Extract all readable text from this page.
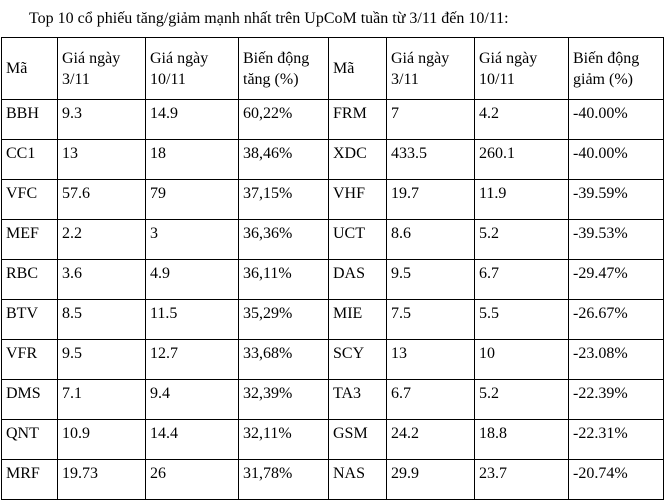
Top 10 cổ phiếu tăng/giảm mạnh nhất trên UpCoM tuần từ 3/11 đến 10/11:
Mã	Giá ngày 3/11	Giá ngày 10/11	Biến động tăng (%)	Mã	Giá ngày 3/11	Giá ngày 10/11	Biến động giảm (%)

BBH	9.3	14.9	60,22%	FRM	7	4.2	-40.00%
CC1	13	18	38,46%	XDC	433.5	260.1	-40.00%
VFC	57.6	79	37,15%	VHF	19.7	11.9	-39.59%
MEF	2.2	3	36,36%	UCT	8.6	5.2	-39.53%
RBC	3.6	4.9	36,11%	DAS	9.5	6.7	-29.47%
BTV	8.5	11.5	35,29%	MIE	7.5	5.5	-26.67%
VFR	9.5	12.7	33,68%	SCY	13	10	-23.08%
DMS	7.1	9.4	32,39%	TA3	6.7	5.2	-22.39%
QNT	10.9	14.4	32,11%	GSM	24.2	18.8	-22.31%
MRF	19.73	26	31,78%	NAS	29.9	23.7	-20.74%
